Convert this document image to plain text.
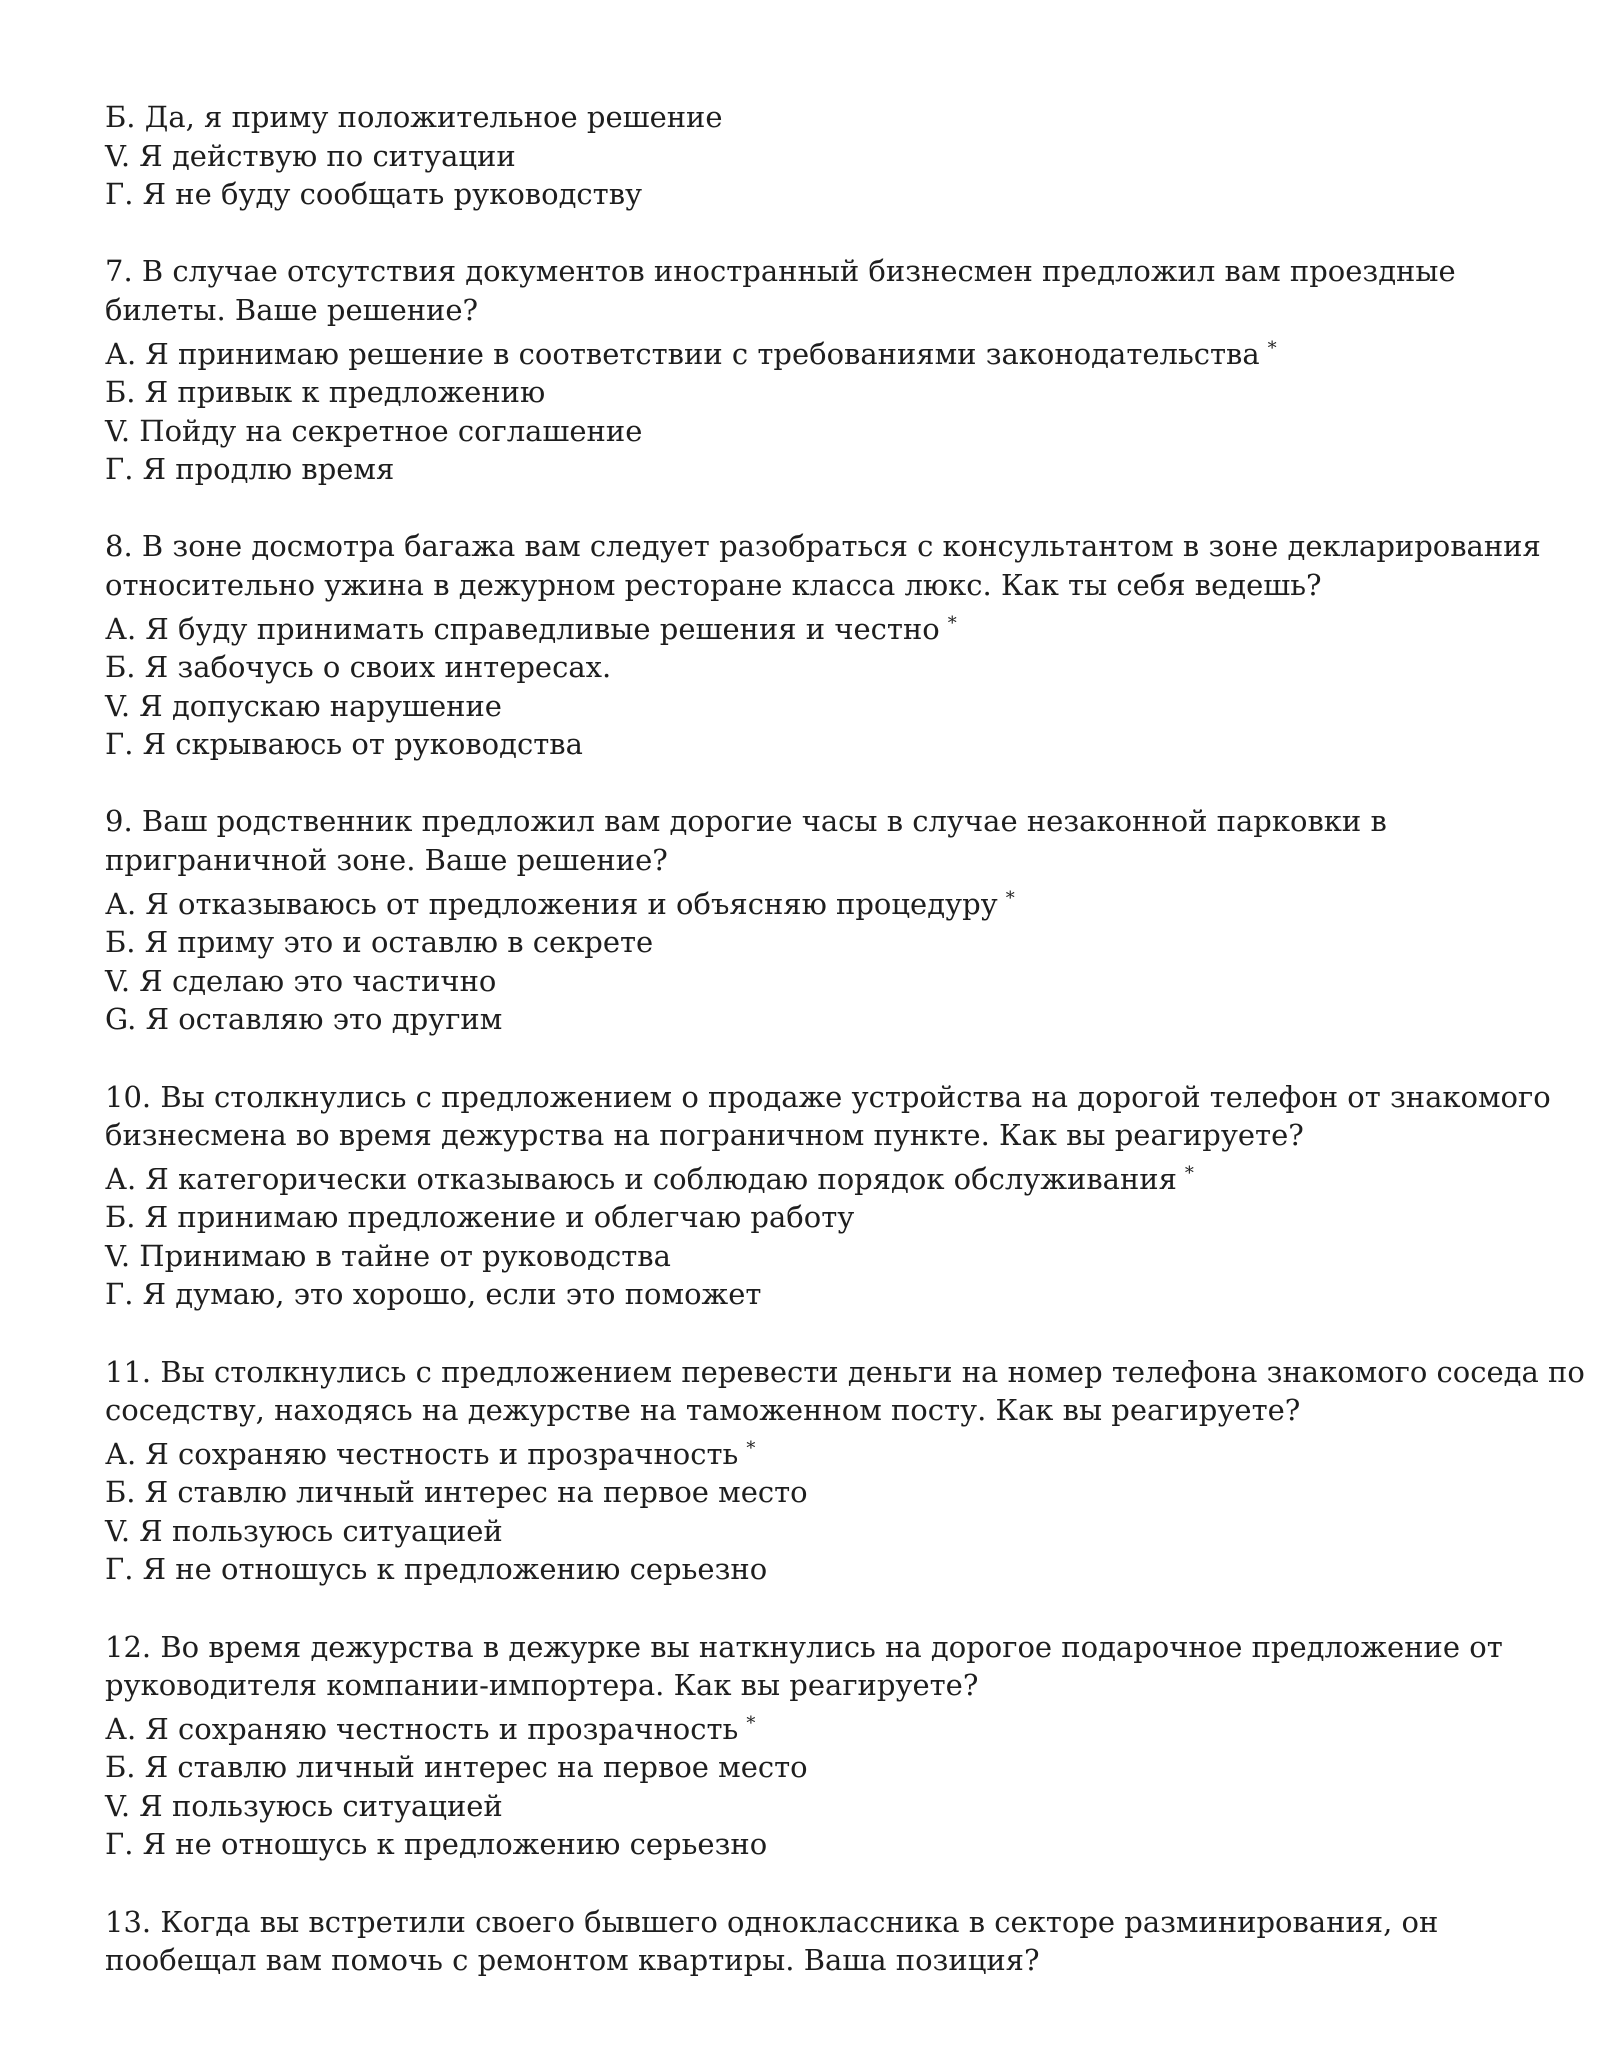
Б. Да, я приму положительное решение
V. Я действую по ситуации
Г. Я не буду сообщать руководству
7. В случае отсутствия документов иностранный бизнесмен предложил вам проездные
билеты. Ваше решение?
А. Я принимаю решение в соответствии с требованиями законодательства *
Б. Я привык к предложению
V. Пойду на секретное соглашение
Г. Я продлю время
8. В зоне досмотра багажа вам следует разобраться с консультантом в зоне декларирования
относительно ужина в дежурном ресторане класса люкс. Как ты себя ведешь?
А. Я буду принимать справедливые решения и честно *
Б. Я забочусь о своих интересах.
V. Я допускаю нарушение
Г. Я скрываюсь от руководства
9. Ваш родственник предложил вам дорогие часы в случае незаконной парковки в
приграничной зоне. Ваше решение?
А. Я отказываюсь от предложения и объясняю процедуру *
Б. Я приму это и оставлю в секрете
V. Я сделаю это частично
G. Я оставляю это другим
10. Вы столкнулись с предложением о продаже устройства на дорогой телефон от знакомого
бизнесмена во время дежурства на пограничном пункте. Как вы реагируете?
А. Я категорически отказываюсь и соблюдаю порядок обслуживания *
Б. Я принимаю предложение и облегчаю работу
V. Принимаю в тайне от руководства
Г. Я думаю, это хорошо, если это поможет
11. Вы столкнулись с предложением перевести деньги на номер телефона знакомого соседа по
соседству, находясь на дежурстве на таможенном посту. Как вы реагируете?
А. Я сохраняю честность и прозрачность *
Б. Я ставлю личный интерес на первое место
V. Я пользуюсь ситуацией
Г. Я не отношусь к предложению серьезно
12. Во время дежурства в дежурке вы наткнулись на дорогое подарочное предложение от
руководителя компании-импортера. Как вы реагируете?
А. Я сохраняю честность и прозрачность *
Б. Я ставлю личный интерес на первое место
V. Я пользуюсь ситуацией
Г. Я не отношусь к предложению серьезно
13. Когда вы встретили своего бывшего одноклассника в секторе разминирования, он
пообещал вам помочь с ремонтом квартиры. Ваша позиция?
